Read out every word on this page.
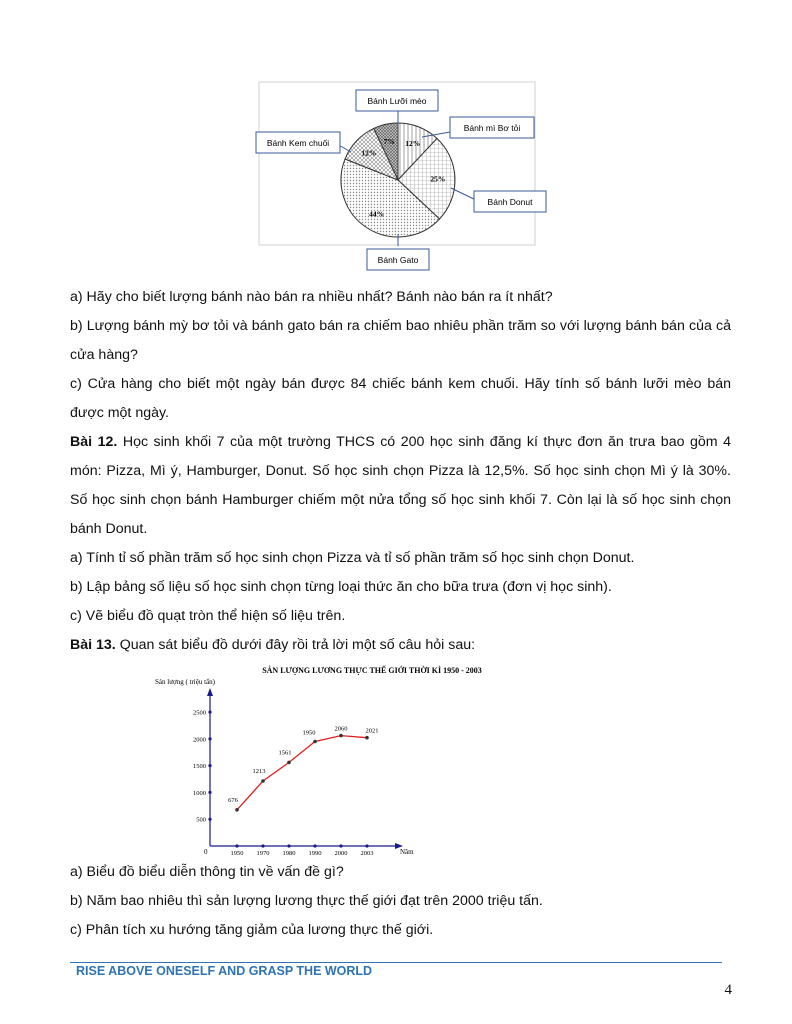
7% 12%
25%
44%
12%
Bánh Lưỡi mèo
Bánh mì Bơ tỏi
Bánh Donut
Bánh Gato
Bánh Kem chuối
a) Hãy cho biết lượng bánh nào bán ra nhiều nhất? Bánh nào bán ra ít nhất?
b) Lượng bánh mỳ bơ tỏi và bánh gato bán ra chiếm bao nhiêu phần trăm so với lượng bánh bán của cả cửa hàng?
c) Cửa hàng cho biết một ngày bán được 84 chiếc bánh kem chuối. Hãy tính số bánh lưỡi mèo bán được một ngày.
Bài 12. Học sinh khối 7 của một trường THCS có 200 học sinh đăng kí thực đơn ăn trưa bao gồm 4 món: Pizza, Mì ý, Hamburger, Donut. Số học sinh chọn Pizza là 12,5%. Số học sinh chọn Mì ý là 30%. Số học sinh chọn bánh Hamburger chiếm một nửa tổng số học sinh khối 7. Còn lại là số học sinh chọn bánh Donut.
a) Tính tỉ số phần trăm số học sinh chọn Pizza và tỉ số phần trăm số học sinh chọn Donut.
b) Lập bảng số liệu số học sinh chọn từng loại thức ăn cho bữa trưa (đơn vị học sinh).
c) Vẽ biểu đồ quạt tròn thể hiện số liệu trên.
Bài 13. Quan sát biểu đồ dưới đây rồi trả lời một số câu hỏi sau:
SẢN LƯỢNG LƯƠNG THỰC THẾ GIỚI THỜI KÌ 1950 - 2003
Sản lượng ( triệu tấn)
0	Năm
500
1000
1500
2000
2500
1950 1970 1980 1990 2000 2003
676
1213
1561
1950
2060	2021
a) Biểu đồ biểu diễn thông tin về vấn đề gì?
b) Năm bao nhiêu thì sản lượng lương thực thế giới đạt trên 2000 triệu tấn.
c) Phân tích xu hướng tăng giảm của lương thực thế giới.
RISE ABOVE ONESELF AND GRASP THE WORLD
4
